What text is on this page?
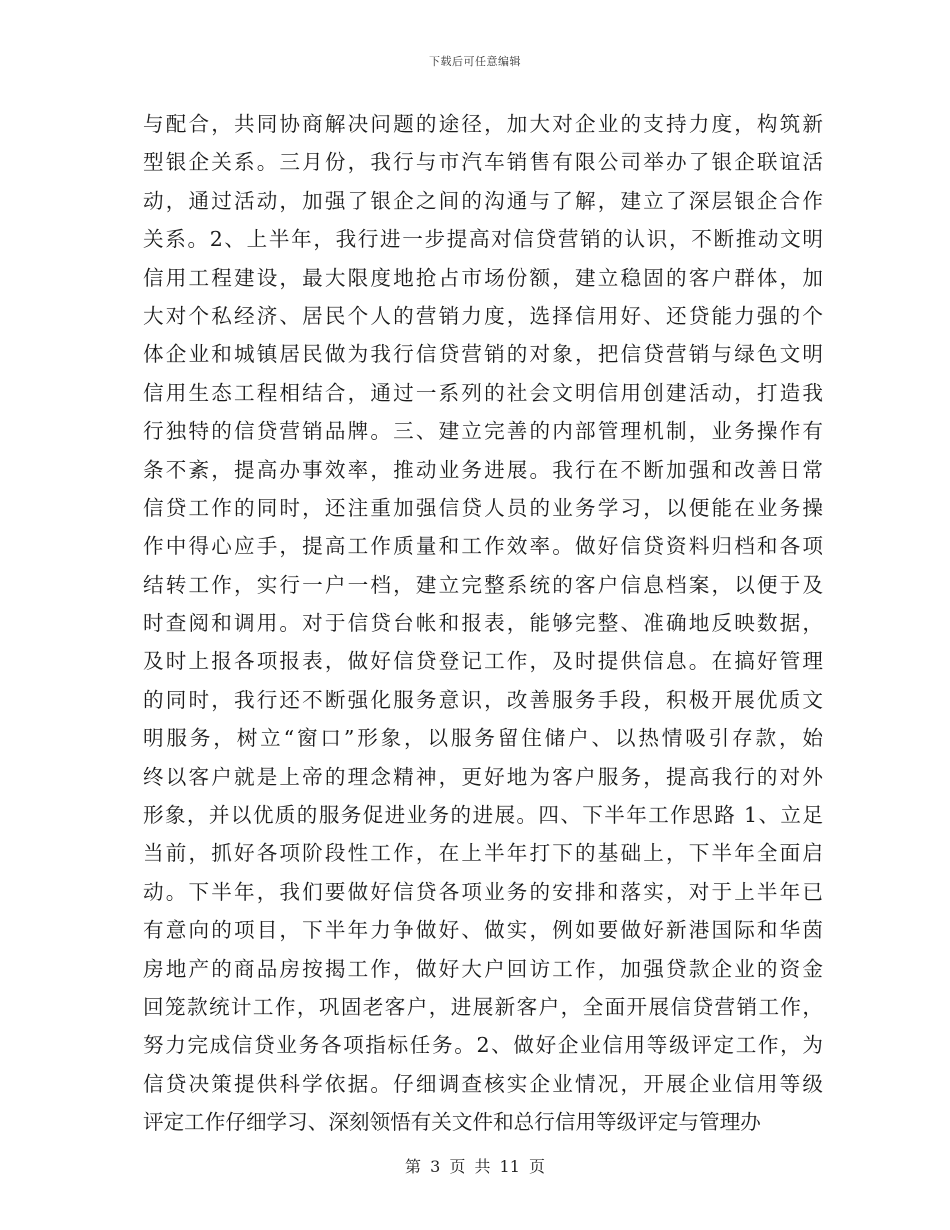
下载后可任意编辑
与配合，共同协商解决问题的途径，加大对企业的支持力度，构筑新
型银企关系。三月份，我行与市汽车销售有限公司举办了银企联谊活
动，通过活动，加强了银企之间的沟通与了解，建立了深层银企合作
关系。2、上半年，我行进一步提高对信贷营销的认识，不断推动文明
信用工程建设，最大限度地抢占市场份额，建立稳固的客户群体，加
大对个私经济、居民个人的营销力度，选择信用好、还贷能力强的个
体企业和城镇居民做为我行信贷营销的对象，把信贷营销与绿色文明
信用生态工程相结合，通过一系列的社会文明信用创建活动，打造我
行独特的信贷营销品牌。三、建立完善的内部管理机制，业务操作有
条不紊，提高办事效率，推动业务进展。我行在不断加强和改善日常
信贷工作的同时，还注重加强信贷人员的业务学习，以便能在业务操
作中得心应手，提高工作质量和工作效率。做好信贷资料归档和各项
结转工作，实行一户一档，建立完整系统的客户信息档案，以便于及
时查阅和调用。对于信贷台帐和报表，能够完整、准确地反映数据，
及时上报各项报表，做好信贷登记工作，及时提供信息。在搞好管理
的同时，我行还不断强化服务意识，改善服务手段，积极开展优质文
明服务，树立“窗口”形象，以服务留住储户、以热情吸引存款，始
终以客户就是上帝的理念精神，更好地为客户服务，提高我行的对外
形象，并以优质的服务促进业务的进展。四、下半年工作思路 1、立足
当前，抓好各项阶段性工作，在上半年打下的基础上，下半年全面启
动。下半年，我们要做好信贷各项业务的安排和落实，对于上半年已
有意向的项目，下半年力争做好、做实，例如要做好新港国际和华茵
房地产的商品房按揭工作，做好大户回访工作，加强贷款企业的资金
回笼款统计工作，巩固老客户，进展新客户，全面开展信贷营销工作，
努力完成信贷业务各项指标任务。2、做好企业信用等级评定工作，为
信贷决策提供科学依据。仔细调查核实企业情况，开展企业信用等级
评定工作仔细学习、深刻领悟有关文件和总行信用等级评定与管理办
第 3 页 共 11 页
